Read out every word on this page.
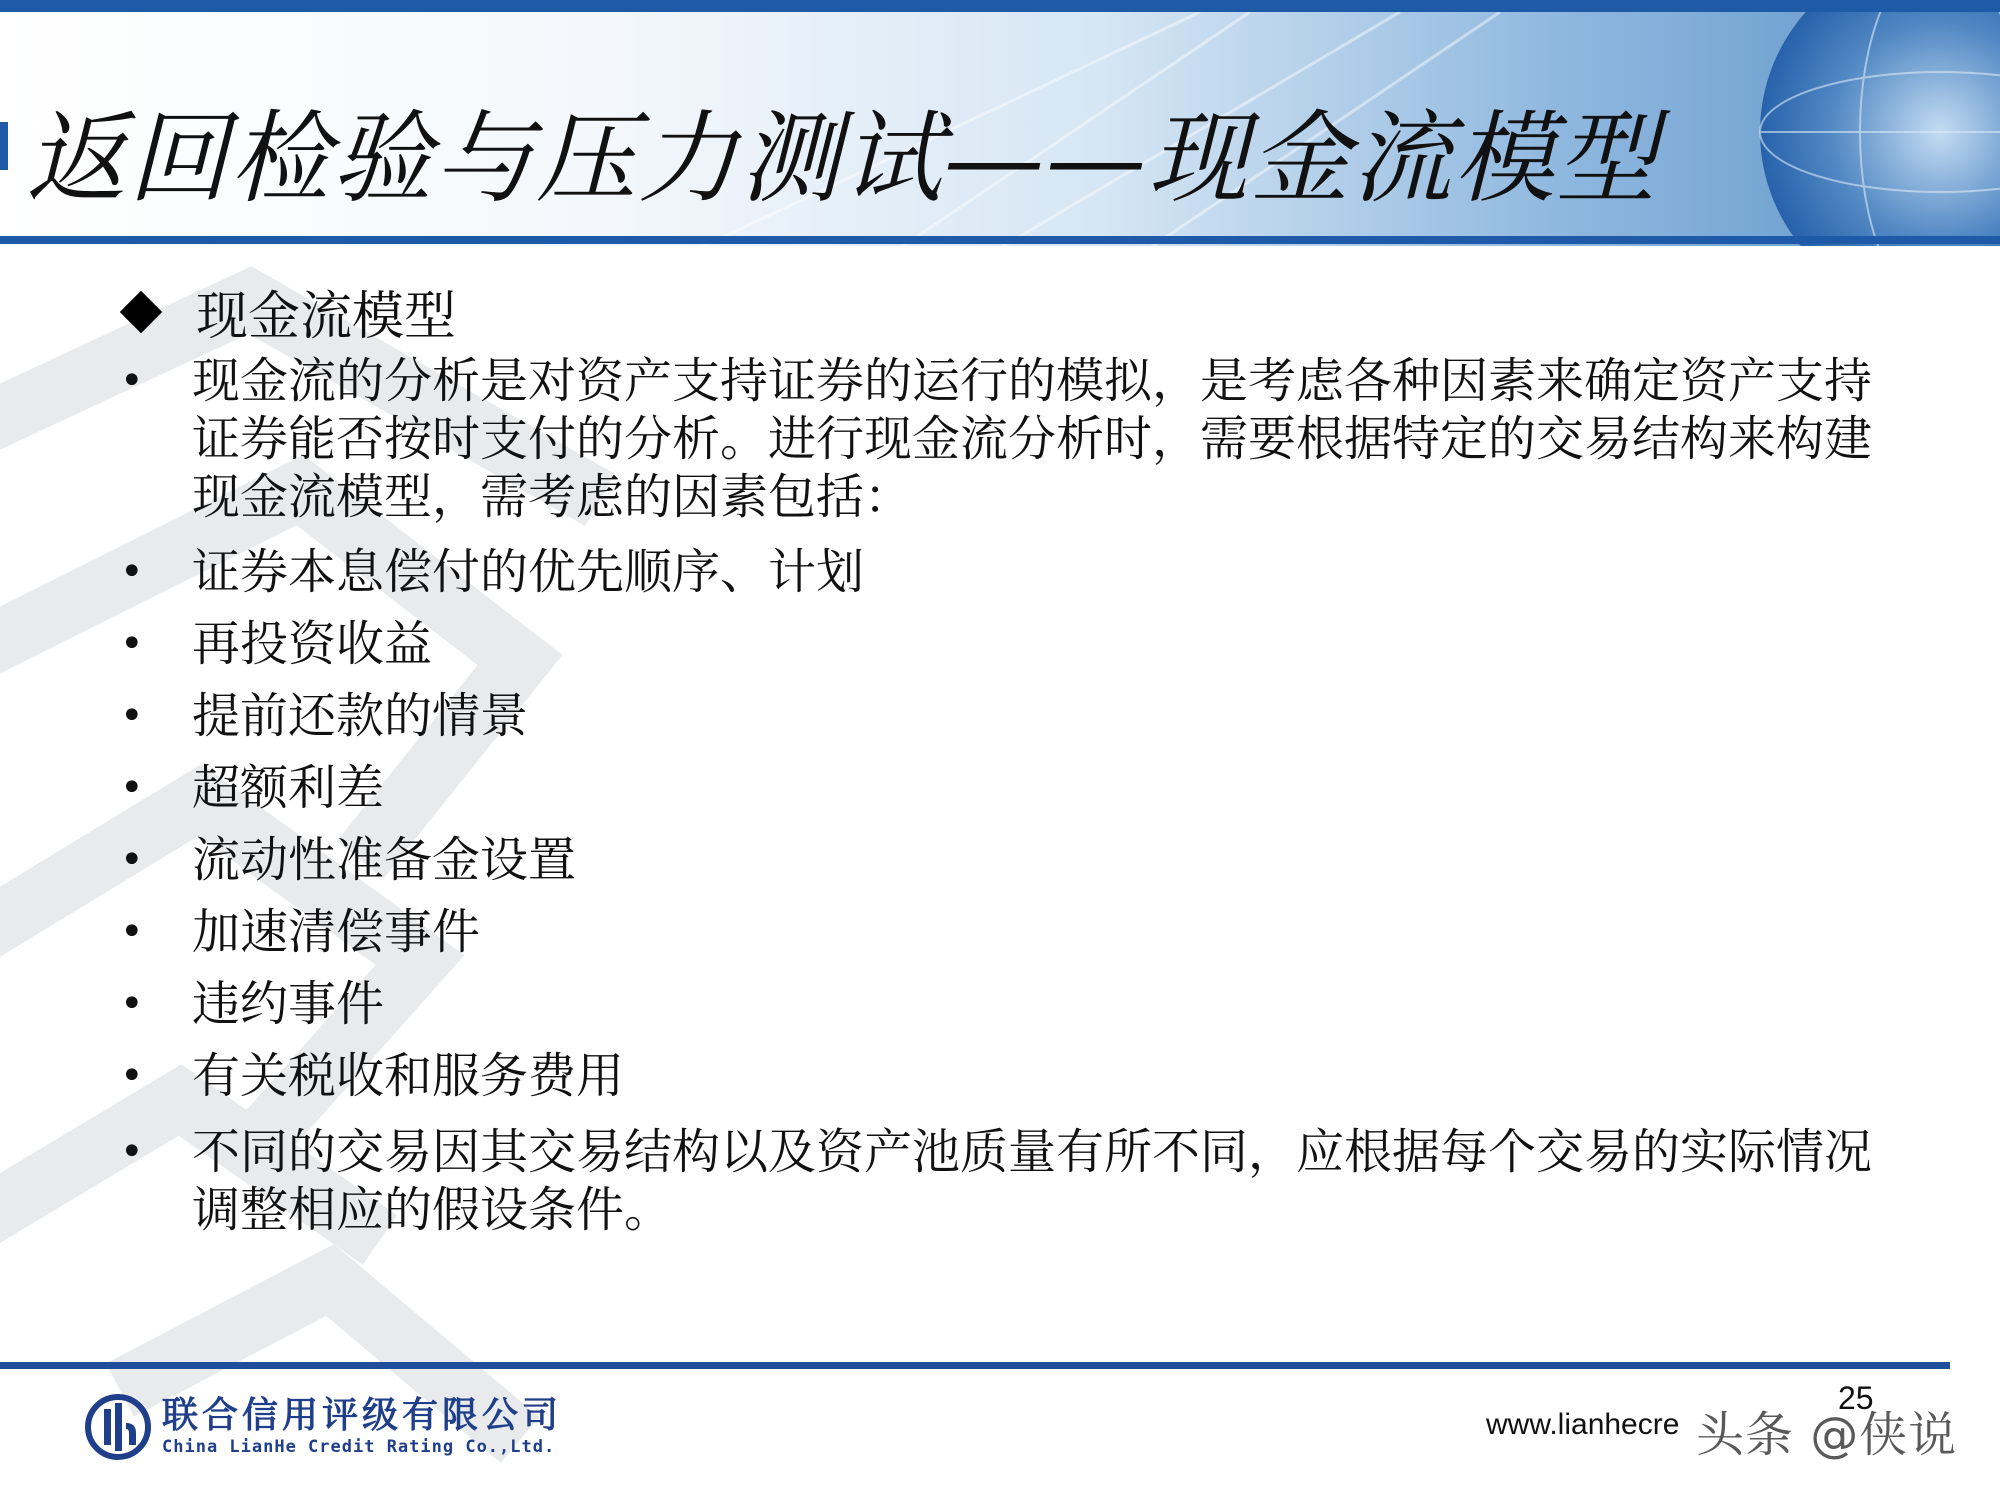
返回检验与压力测试——现金流模型
现金流模型
•	现金流的分析是对资产支持证券的运行的模拟，是考虑各种因素来确定资产支持证券能否按时支付的分析。进行现金流分析时，需要根据特定的交易结构来构建现金流模型，需考虑的因素包括：
•	证券本息偿付的优先顺序、计划
•	再投资收益
•	提前还款的情景
•	超额利差
•	流动性准备金设置
•	加速清偿事件
•	违约事件
•	有关税收和服务费用
•	不同的交易因其交易结构以及资产池质量有所不同，应根据每个交易的实际情况调整相应的假设条件。
联合信用评级有限公司
China LianHe Credit Rating Co.,Ltd.
25
www.lianhecre 头条 @侠说
